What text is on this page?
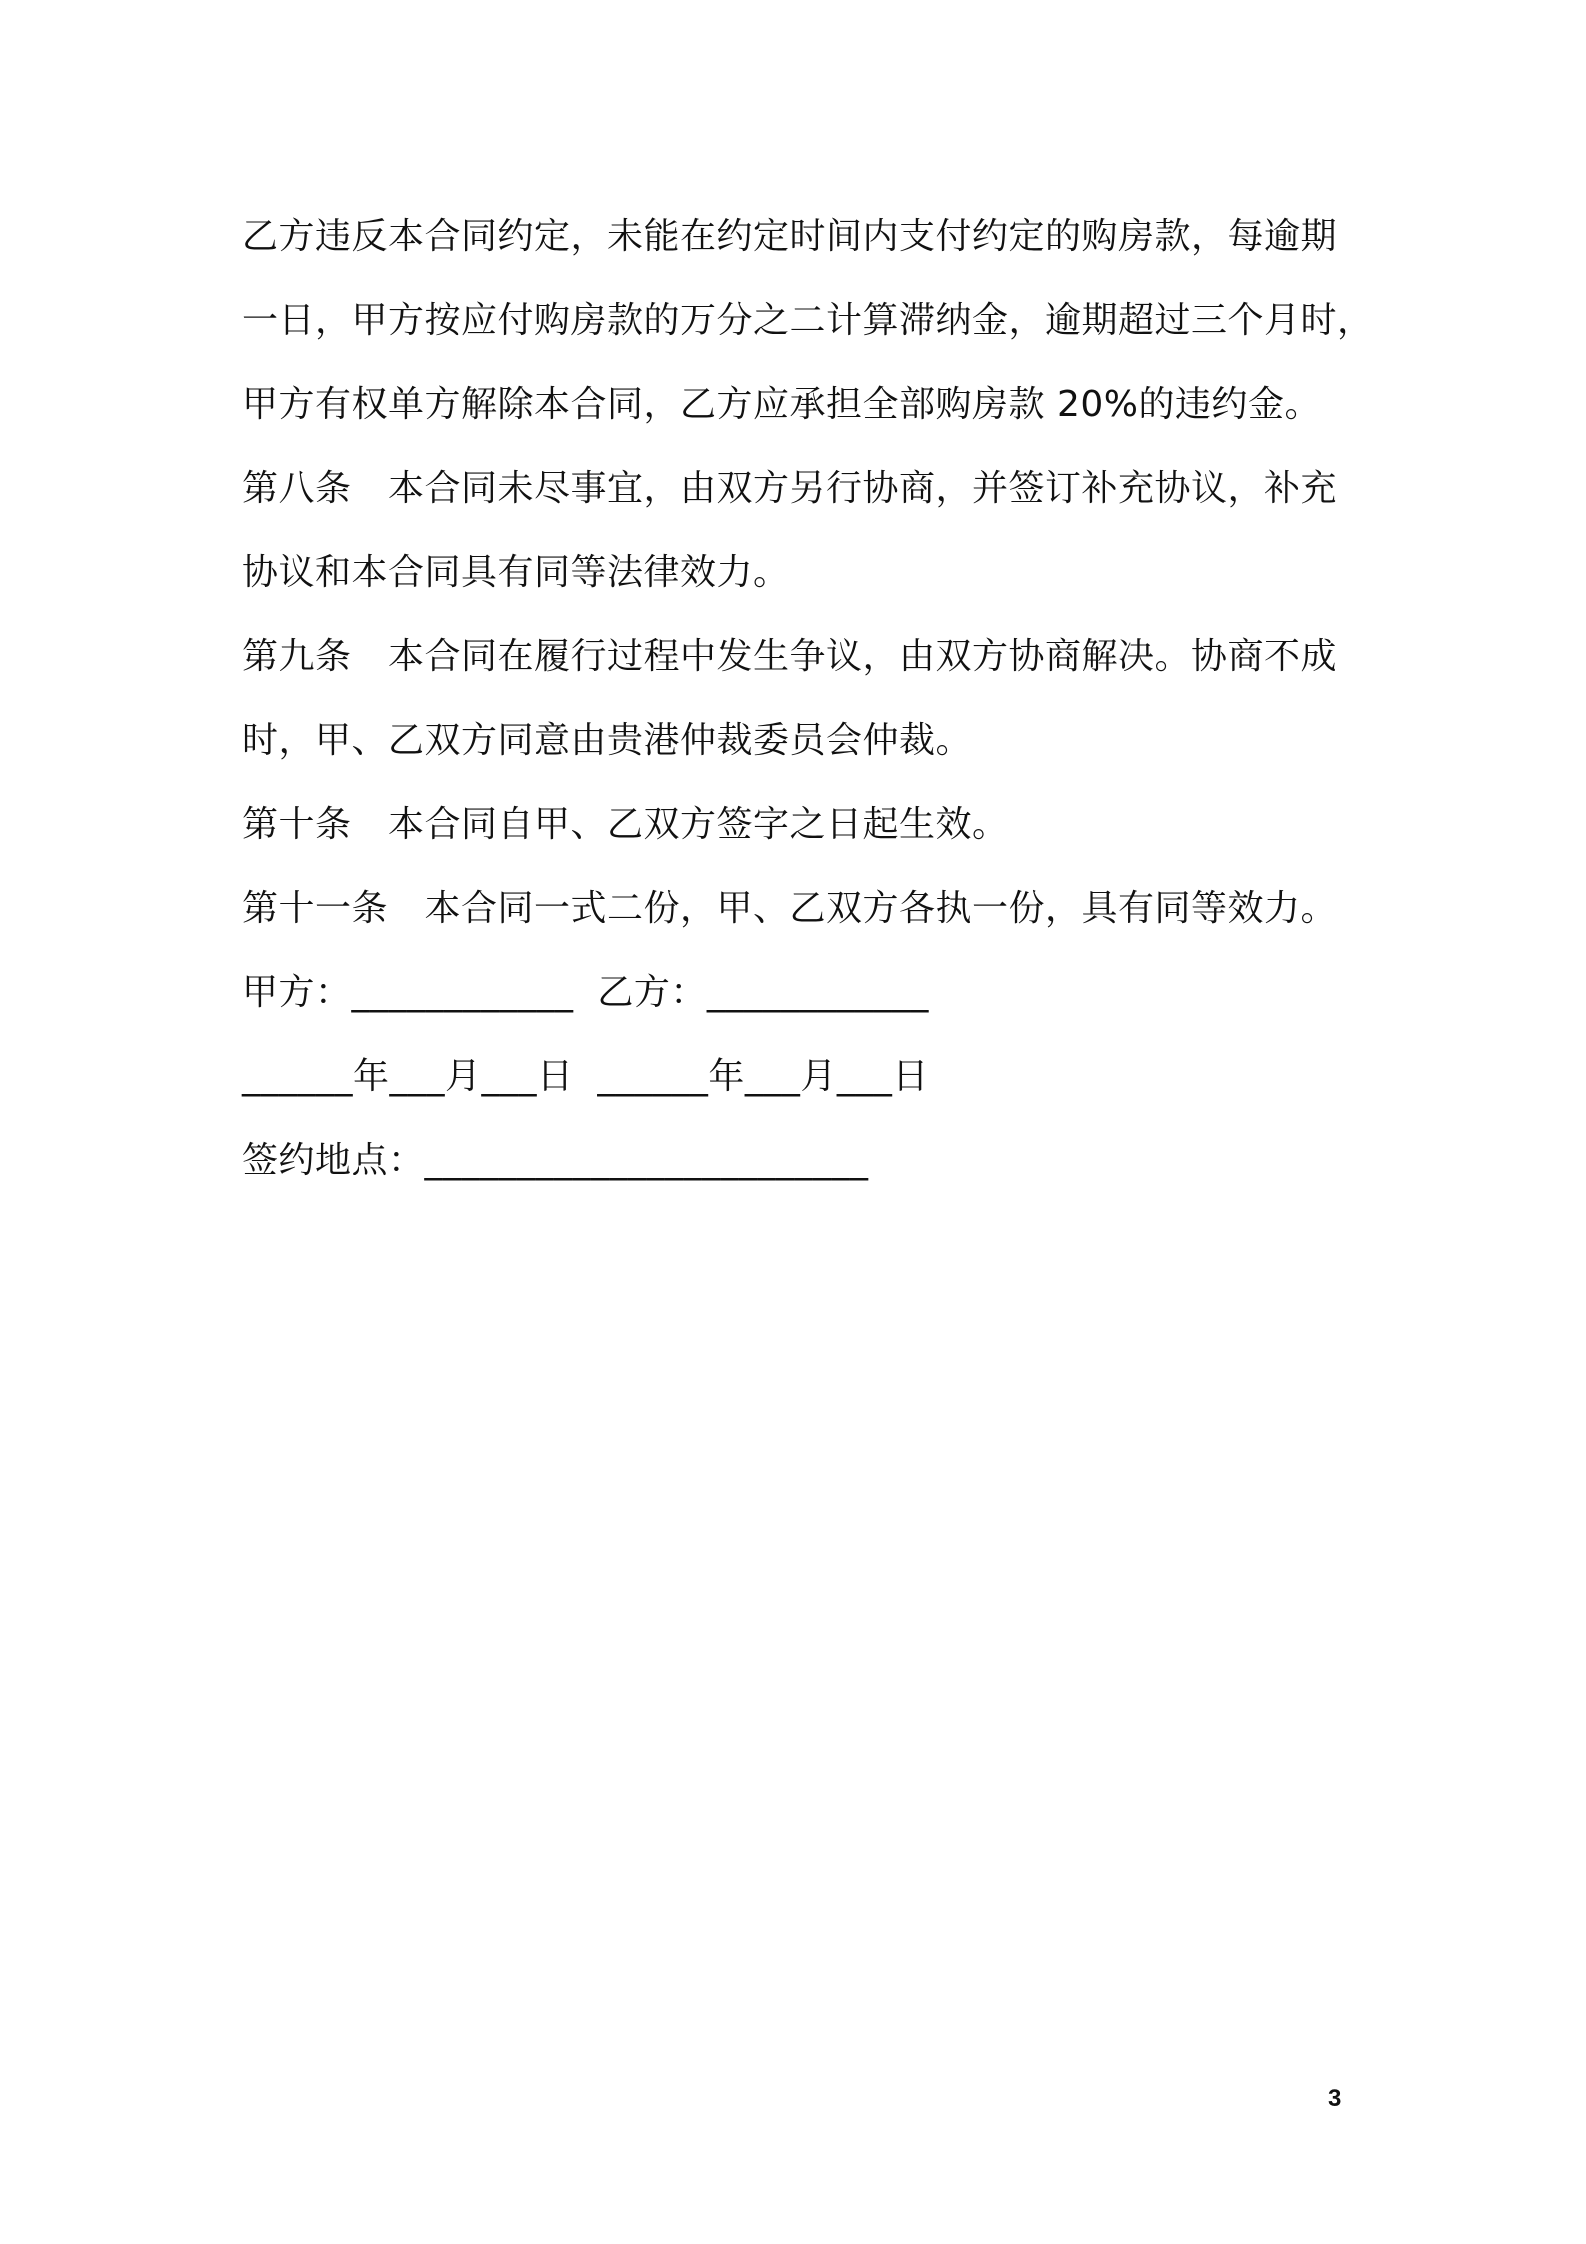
乙方违反本合同约定，未能在约定时间内支付约定的购房款，每逾期
一日，甲方按应付购房款的万分之二计算滞纳金，逾期超过三个月时，
甲方有权单方解除本合同，乙方应承担全部购房款 20%的违约金。
第八条　本合同未尽事宜，由双方另行协商，并签订补充协议，补充
协议和本合同具有同等法律效力。
第九条　本合同在履行过程中发生争议，由双方协商解决。协商不成
时，甲、乙双方同意由贵港仲裁委员会仲裁。
第十条　本合同自甲、乙双方签字之日起生效。
第十一条　本合同一式二份，甲、乙双方各执一份，具有同等效力。
甲方：____________  乙方：____________
______年___月___日  ______年___月___日
签约地点：________________________
3
